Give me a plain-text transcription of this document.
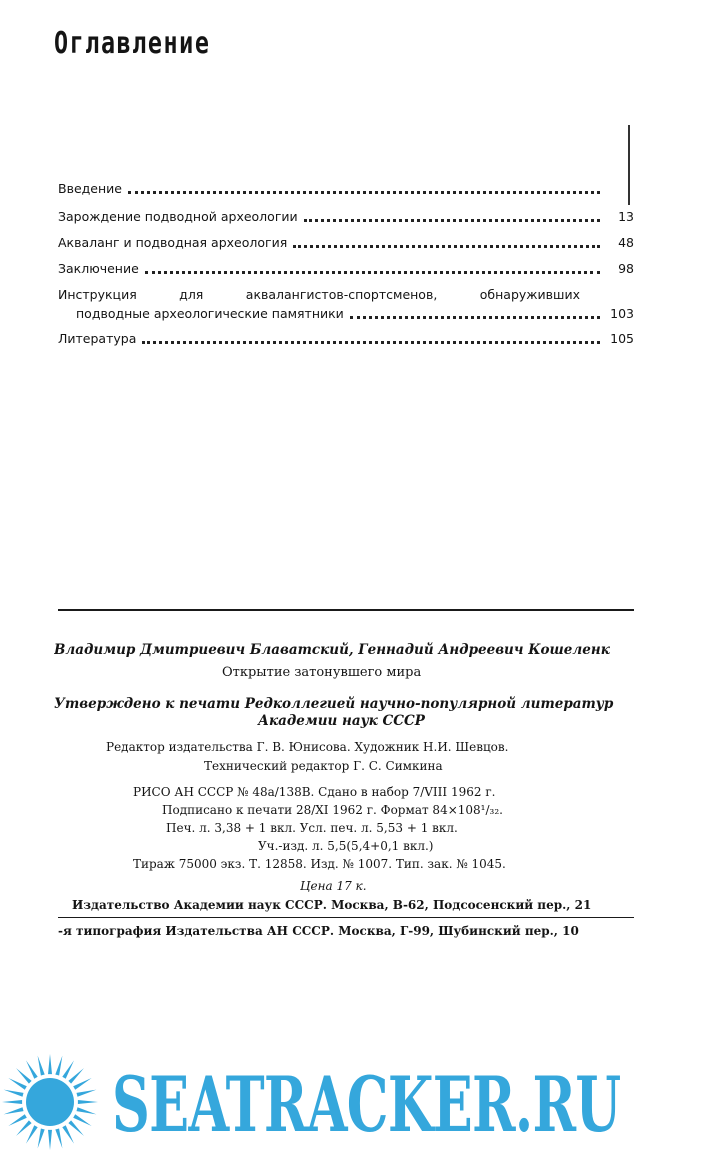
Оглавление
Введение
Зарождение подводной археологии	13
Акваланг и подводная археология	48
Заключение	98
Инструкция для аквалангистов-спортсменов, обнаруживших
подводные археологические памятники	103
Литература	105
Владимир Дмитриевич Блаватский, Геннадий Андреевич Кошеленк
Открытие затонувшего мира
Утверждено к печати Редколлегией научно-популярной литератур
Академии наук СССР
Редактор издательства Г. В. Юнисова. Художник Н.И. Шевцов.
Технический редактор Г. С. Симкина
РИСО АН СССР № 48а/138В. Сдано в набор 7/VIII 1962 г.
Подписано к печати 28/XI 1962 г. Формат 84×108¹/₃₂.
Печ. л. 3,38 + 1 вкл. Усл. печ. л. 5,53 + 1 вкл.
Уч.-изд. л. 5,5(5,4+0,1 вкл.)
Тираж 75000 экз. Т. 12858. Изд. № 1007. Тип. зак. № 1045.
Цена 17 к.
Издательство Академии наук СССР. Москва, В-62, Подсосенский пер., 21
-я типография Издательства АН СССР. Москва, Г-99, Шубинский пер., 10
SEATRACKER.RU
